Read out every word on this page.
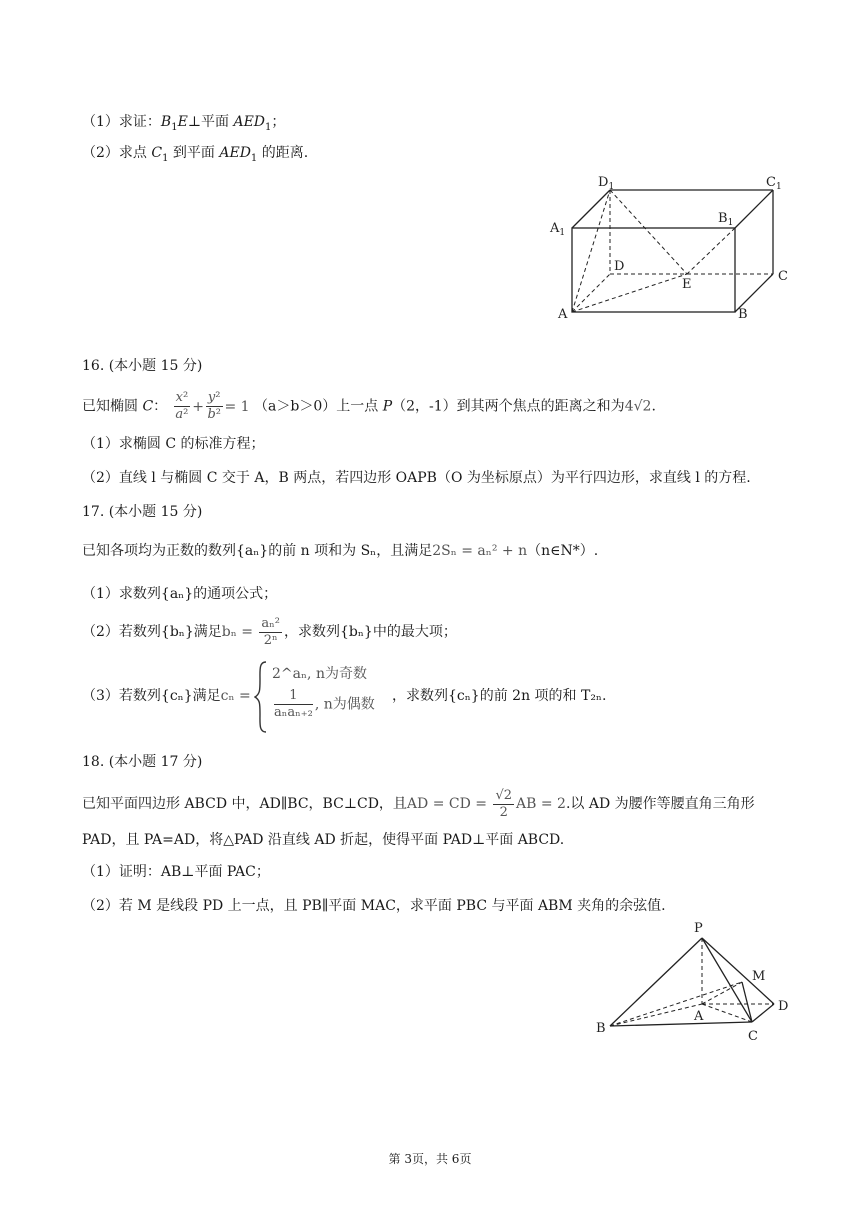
（1）求证：$B_1E\perp$平面 $AED_1$；
（2）求点 $C_1$ 到平面 $AED_1$ 的距离.
$D_1$	$C_1$
$A_1$
$B_1$
D
C
E
A	B
16. (本小题 15 分)
已知椭圆 C： $\frac{\text{x²}}{\text{a²}} + \frac{\text{y²}}{\text{b²}} = 1$ （a＞b＞0）上一点 P（2，-1）到其两个焦点的距离之和为4√2.
（1）求椭圆 C 的标准方程；
（2）直线 l 与椭圆 C 交于 A，B 两点，若四边形 OAPB（O 为坐标原点）为平行四边形，求直线 l 的方程.
17. (本小题 15 分)
已知各项均为正数的数列{aₙ}的前 n 项和为 Sₙ，且满足2Sₙ = aₙ² + n（n∈N*）.
（1）求数列{aₙ}的通项公式；
（2）若数列{bₙ}满足$b_n = \frac{\text{aₙ²}}{\text{2ⁿ}}$ ，求数列{bₙ}中的最大项；
（3）若数列{cₙ}满足cₙ =
2^aₙ, n为奇数
$\frac{1}{\text{aₙaₙ₊₂}}$ , n为偶数
，求数列{cₙ}的前 2n 项的和 T₂ₙ.
18. (本小题 17 分)
已知平面四边形 ABCD 中，AD∥BC，BC⊥CD，且AD = CD = $\frac{√2}{2}$ AB = 2.以 AD 为腰作等腰直角三角形
PAD，且 PA=AD，将△PAD 沿直线 AD 折起，使得平面 PAD⊥平面 ABCD.
（1）证明：AB⊥平面 PAC；
（2）若 M 是线段 PD 上一点，且 PB∥平面 MAC，求平面 PBC 与平面 ABM 夹角的余弦值.
P
M
D
A
B
C
第 3页，共 6页
